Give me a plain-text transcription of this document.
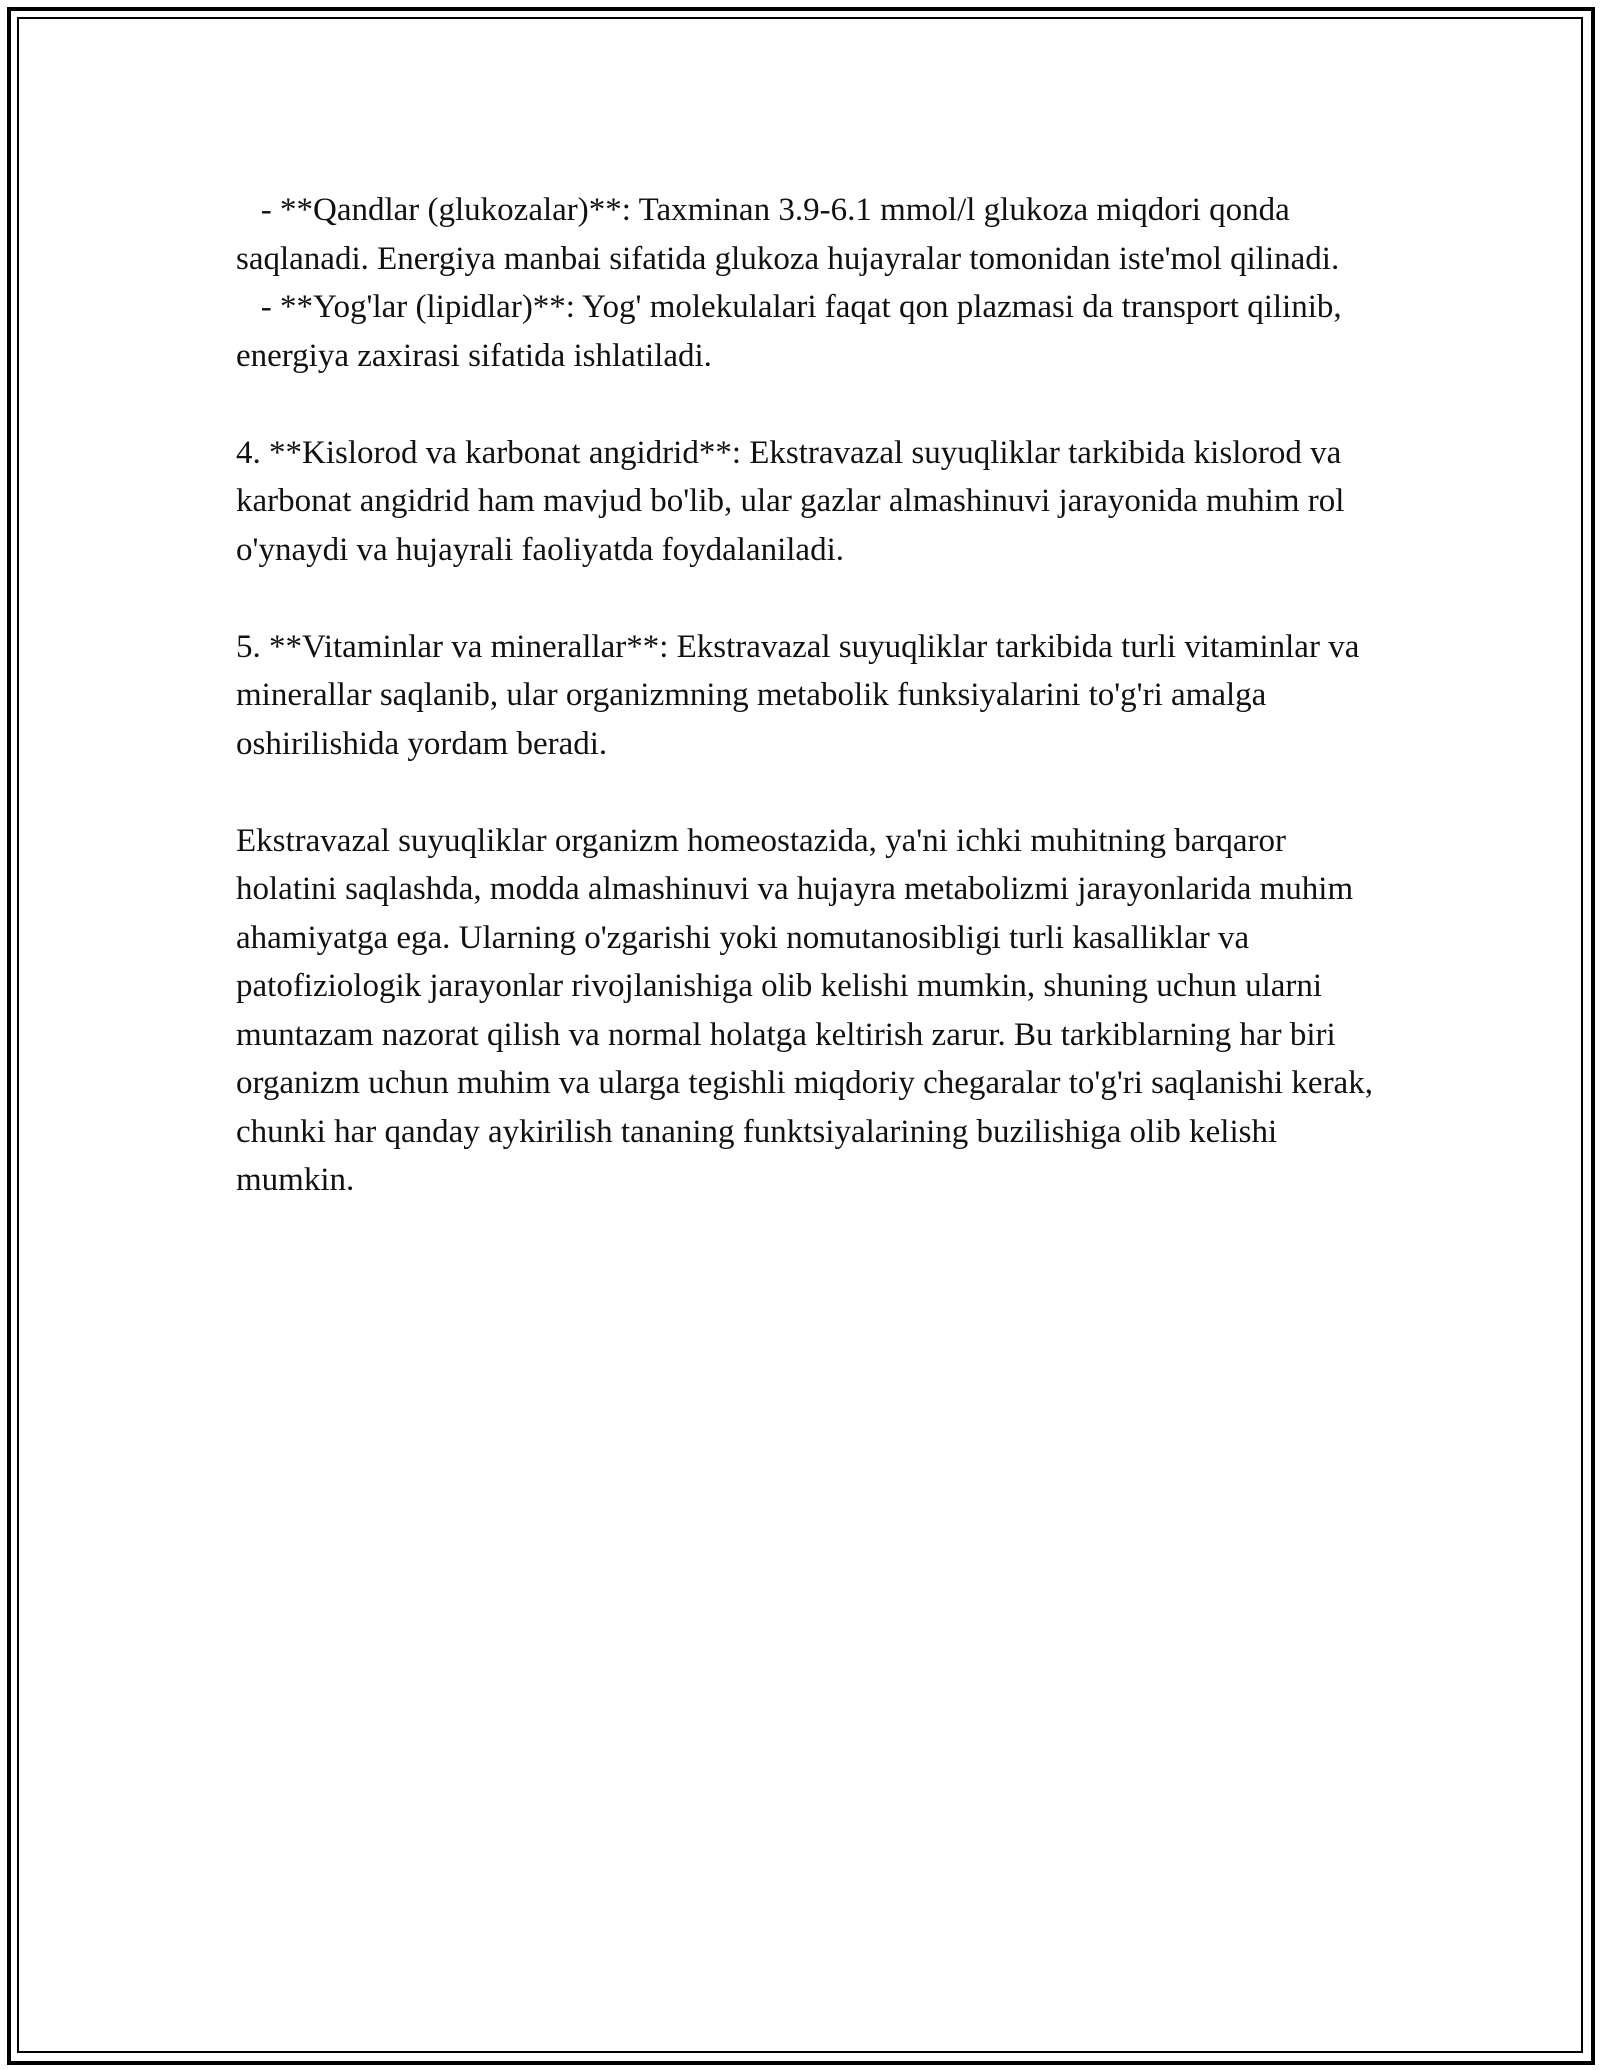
- **Qandlar (glukozalar)**: Taxminan 3.9-6.1 mmol/l glukoza miqdori qonda saqlanadi. Energiya manbai sifatida glukoza hujayralar tomonidan iste'mol qilinadi.

- **Yog'lar (lipidlar)**: Yog' molekulalari faqat qon plazmasi da transport qilinib, energiya zaxirasi sifatida ishlatiladi.

4. **Kislorod va karbonat angidrid**: Ekstravazal suyuqliklar tarkibida kislorod va karbonat angidrid ham mavjud bo'lib, ular gazlar almashinuvi jarayonida muhim rol o'ynaydi va hujayrali faoliyatda foydalaniladi.

5. **Vitaminlar va minerallar**: Ekstravazal suyuqliklar tarkibida turli vitaminlar va minerallar saqlanib, ular organizmning metabolik funksiyalarini to'g'ri amalga oshirilishida yordam beradi.

Ekstravazal suyuqliklar organizm homeostazida, ya'ni ichki muhitning barqaror holatini saqlashda, modda almashinuvi va hujayra metabolizmi jarayonlarida muhim ahamiyatga ega. Ularning o'zgarishi yoki nomutanosibligi turli kasalliklar va patofiziologik jarayonlar rivojlanishiga olib kelishi mumkin, shuning uchun ularni muntazam nazorat qilish va normal holatga keltirish zarur. Bu tarkiblarning har biri organizm uchun muhim va ularga tegishli miqdoriy chegaralar to'g'ri saqlanishi kerak, chunki har qanday aykirilish tananing funktsiyalarining buzilishiga olib kelishi mumkin.
